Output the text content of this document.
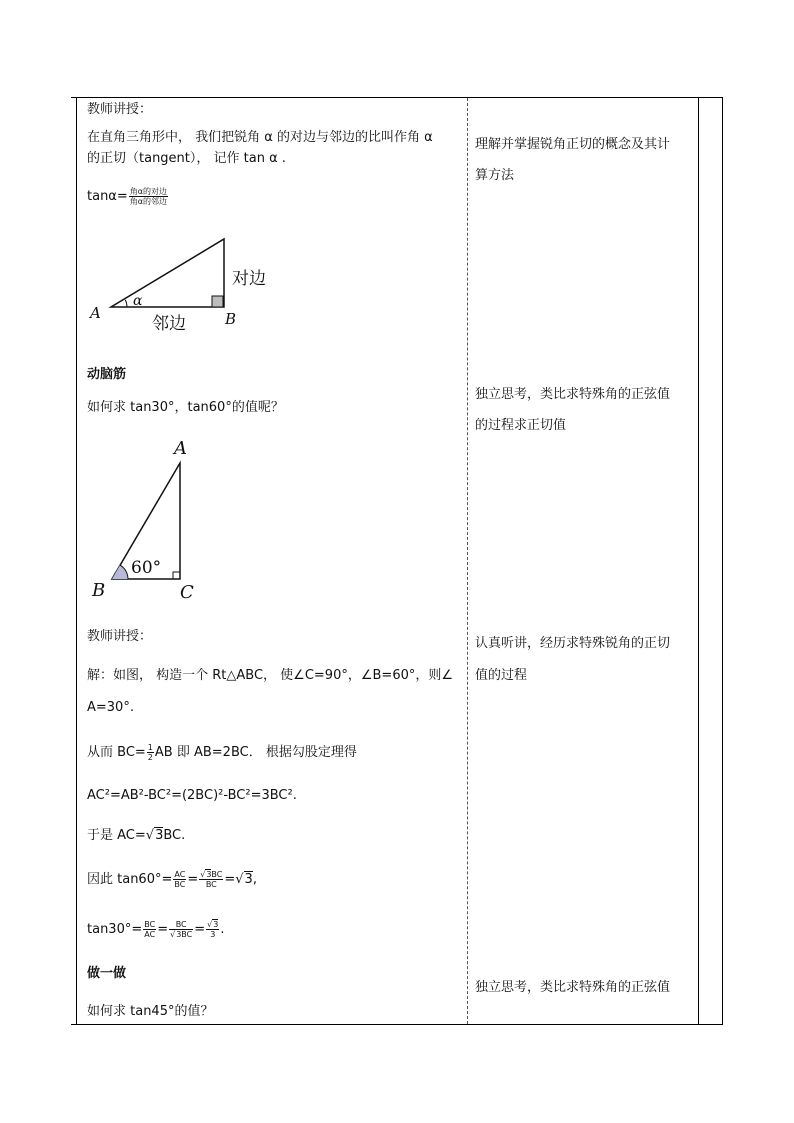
教师讲授：
在直角三角形中， 我们把锐角 α 的对边与邻边的比叫作角 α
的正切（tangent）， 记作 tan α .
$\tan\alpha= \frac{\text{角α的对边}}{\text{角α的邻边}}$
A	B
α
对边
邻边
动脑筋
如何求 tan30°，tan60°的值呢？
A
B	C
60°
教师讲授：
解：如图， 构造一个 Rt△ABC， 使∠C=90°，∠B=60°，则∠
A=30°.
从而 $BC= \frac{1}{2}$ AB 即 AB=2BC． 根据勾股定理得
AC²=AB²-BC²=(2BC)²-BC²=3BC².
于是 AC=√3BC.
因此 $\tan 60^\circ= \frac{AC}{BC} = \frac{√3BC}{BC} =√3$,
$\tan 30^\circ= \frac{BC}{AC} = \frac{BC}{√3BC} = \frac{√3}{3}$ .
做一做
如何求 tan45°的值？
理解并掌握锐角正切的概念及其计
算方法
独立思考，类比求特殊角的正弦值
的过程求正切值
认真听讲，经历求特殊锐角的正切
值的过程
独立思考，类比求特殊角的正弦值
